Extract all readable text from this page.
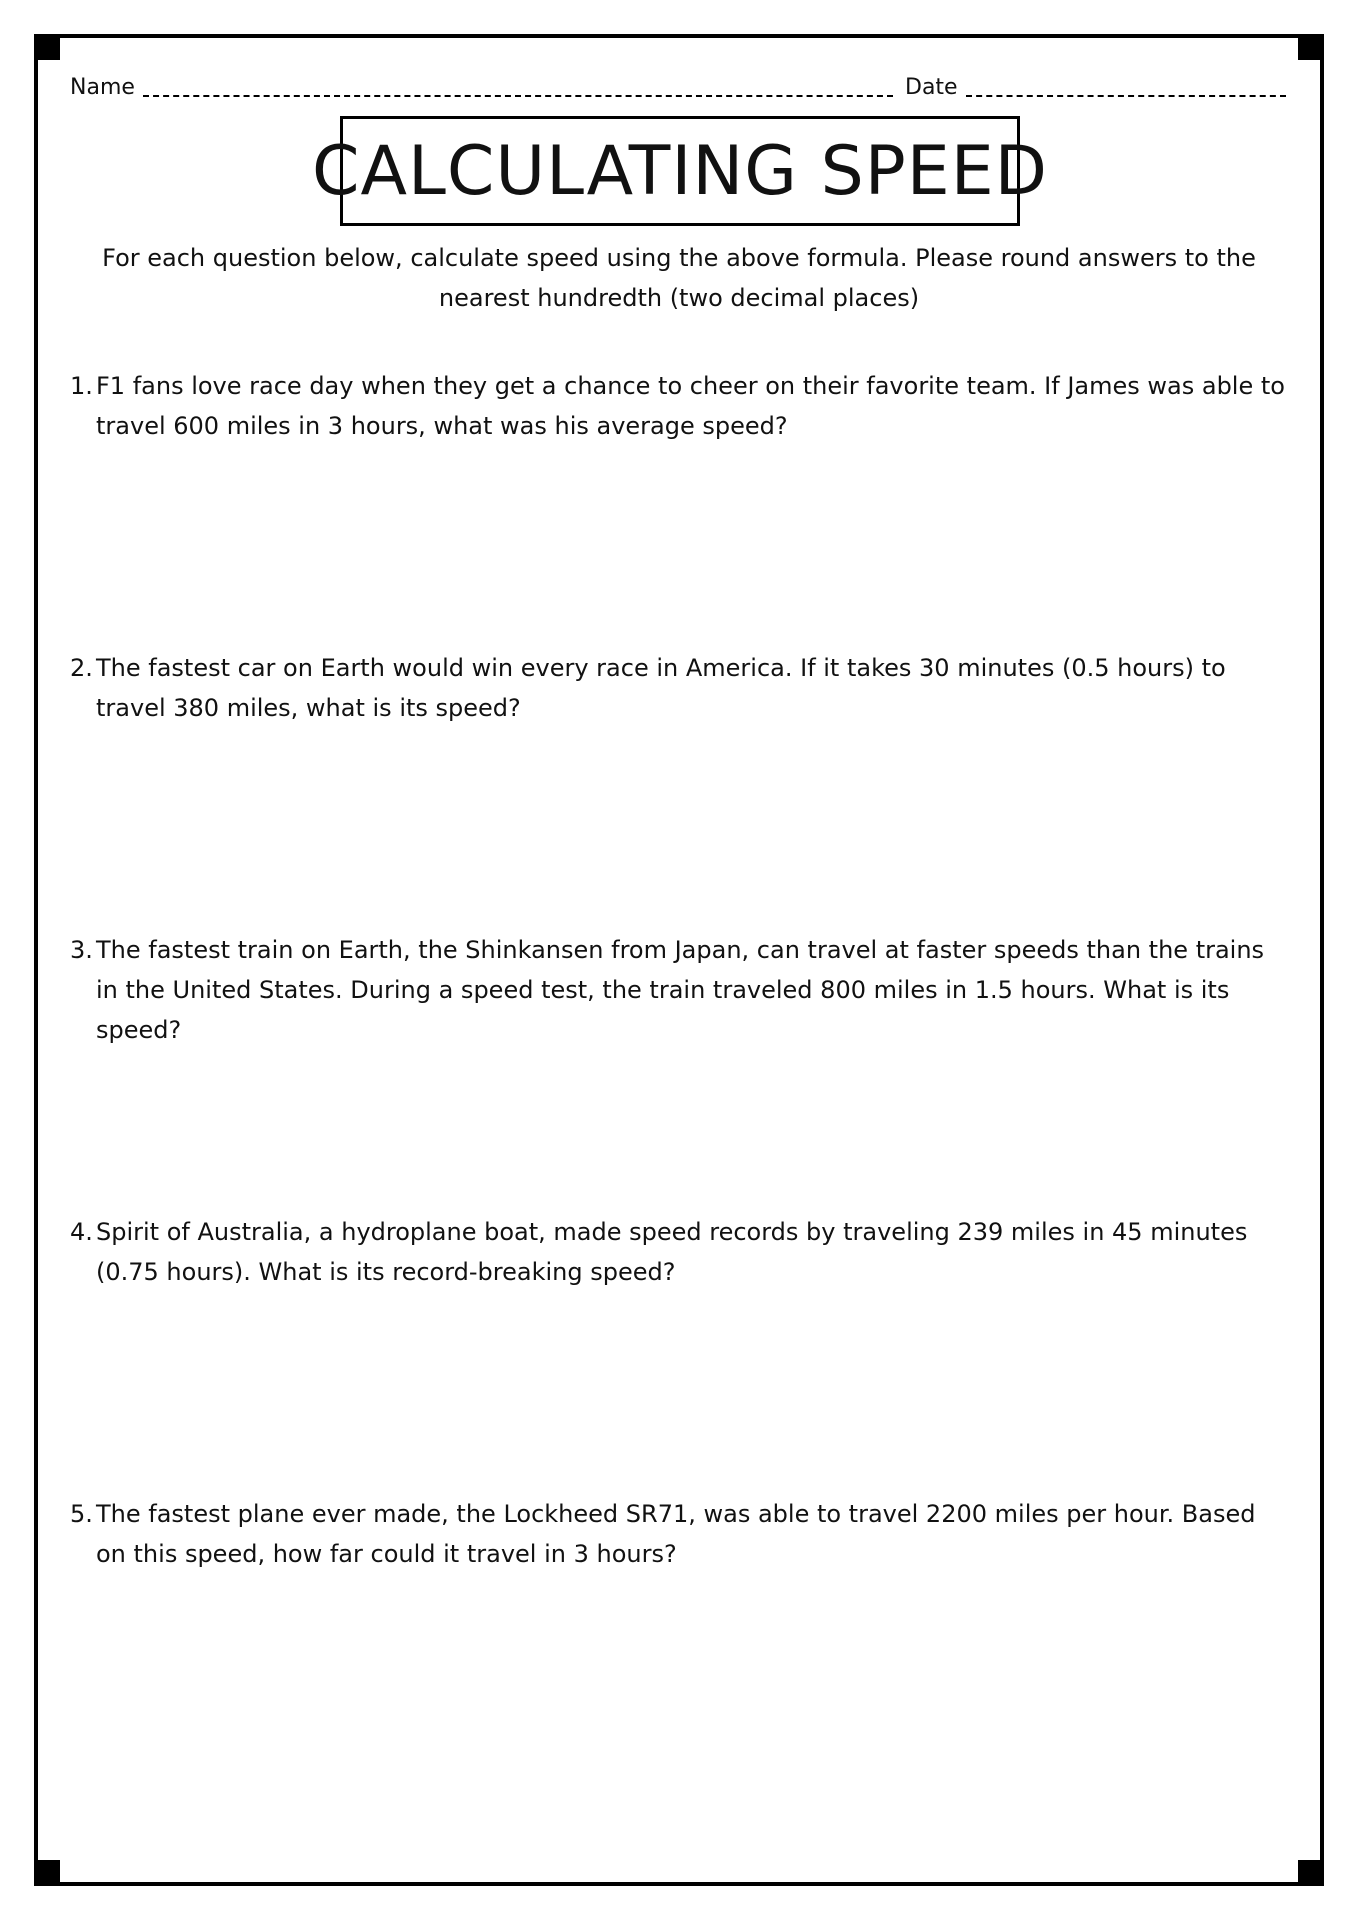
Name	Date
CALCULATING SPEED
For each question below, calculate speed using the above formula. Please round answers to the nearest hundredth (two decimal places)
1. F1 fans love race day when they get a chance to cheer on their favorite team. If James was able to travel 600 miles in 3 hours, what was his average speed?
2. The fastest car on Earth would win every race in America. If it takes 30 minutes (0.5 hours) to travel 380 miles, what is its speed?
3. The fastest train on Earth, the Shinkansen from Japan, can travel at faster speeds than the trains in the United States. During a speed test, the train traveled 800 miles in 1.5 hours. What is its speed?
4. Spirit of Australia, a hydroplane boat, made speed records by traveling 239 miles in 45 minutes (0.75 hours). What is its record-breaking speed?
5. The fastest plane ever made, the Lockheed SR71, was able to travel 2200 miles per hour. Based on this speed, how far could it travel in 3 hours?
